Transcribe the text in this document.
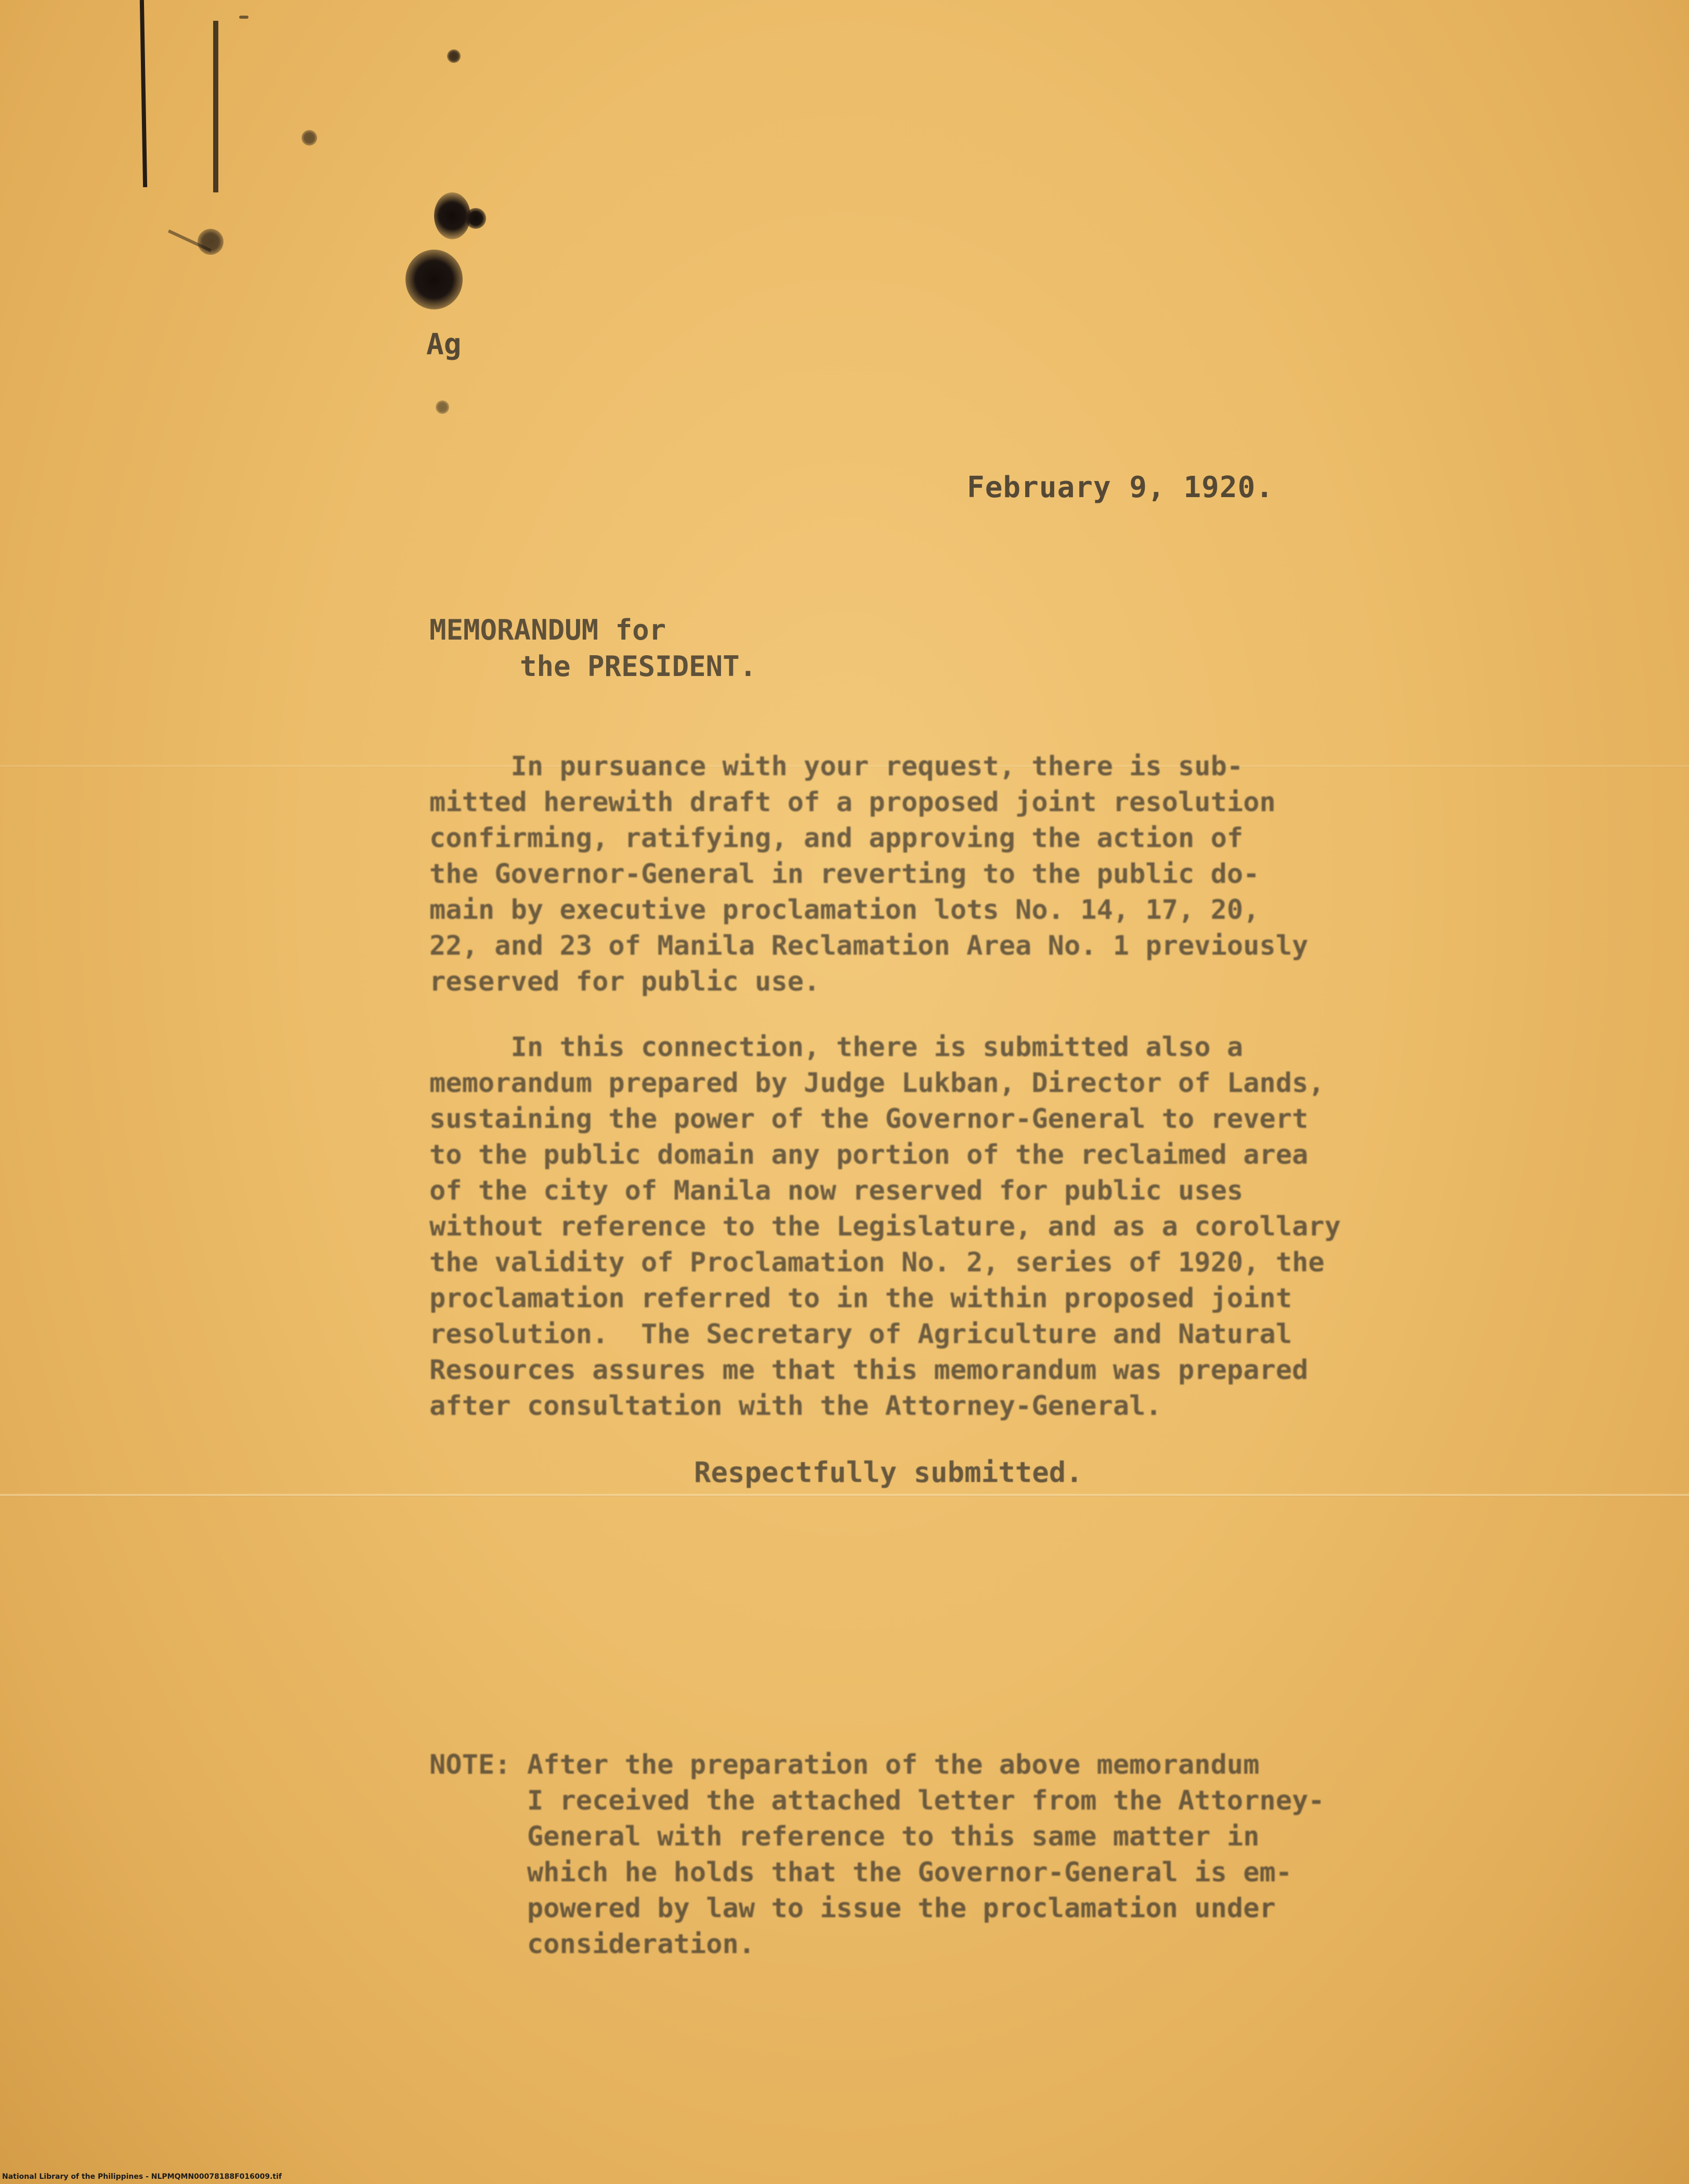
Ag
February 9, 1920.
MEMORANDUM for
the PRESIDENT.
In pursuance with your request, there is sub-
mitted herewith draft of a proposed joint resolution
confirming, ratifying, and approving the action of
the Governor-General in reverting to the public do-
main by executive proclamation lots No. 14, 17, 20,
22, and 23 of Manila Reclamation Area No. 1 previously
reserved for public use.
In this connection, there is submitted also a
memorandum prepared by Judge Lukban, Director of Lands,
sustaining the power of the Governor-General to revert
to the public domain any portion of the reclaimed area
of the city of Manila now reserved for public uses
without reference to the Legislature, and as a corollary
the validity of Proclamation No. 2, series of 1920, the
proclamation referred to in the within proposed joint
resolution.  The Secretary of Agriculture and Natural
Resources assures me that this memorandum was prepared
after consultation with the Attorney-General.
Respectfully submitted.
NOTE: After the preparation of the above memorandum
I received the attached letter from the Attorney-
General with reference to this same matter in
which he holds that the Governor-General is em-
powered by law to issue the proclamation under
consideration.
National Library of the Philippines - NLPMQMN00078188F016009.tif
